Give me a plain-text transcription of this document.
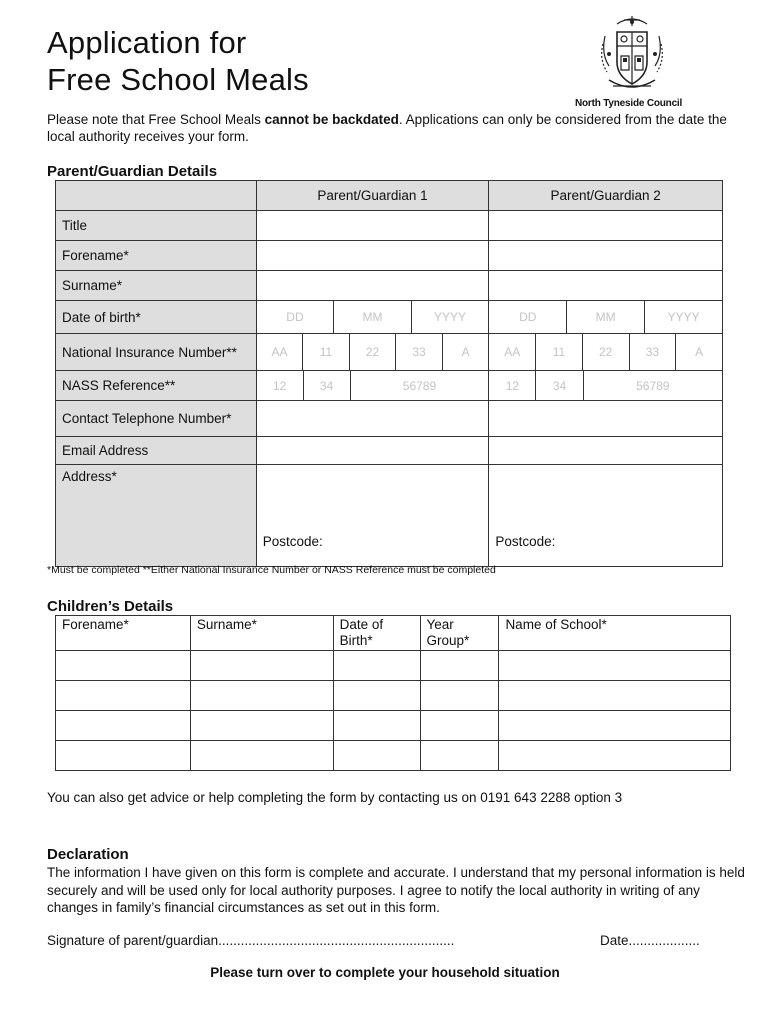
Application for
Free School Meals
North Tyneside Council
Please note that Free School Meals cannot be backdated. Applications can only be considered from the date the local authority receives your form.
Parent/Guardian Details
	Parent/Guardian 1	Parent/Guardian 2
Title		
Forename*		
Surname*		
Date of birth*	DD MM YYYY	DD MM YYYY

National Insurance Number**	AA 11 22 33 A	AA 11 22 33 A

NASS Reference**	12 34 56789	12 34 56789

Contact Telephone Number*		
Email Address		
Address*	Postcode:	Postcode:
*Must be completed **Either National Insurance Number or NASS Reference must be completed
Children’s Details
Forename*	Surname*	Date of Birth*	Year Group*	Name of School*

You can also get advice or help completing the form by contacting us on 0191 643 2288 option 3
Declaration
The information I have given on this form is complete and accurate. I understand that my personal information is held securely and will be used only for local authority purposes. I agree to notify the local authority in writing of any changes in family’s financial circumstances as set out in this form.
Signature of parent/guardian...............................................................	Date...................
Please turn over to complete your household situation
